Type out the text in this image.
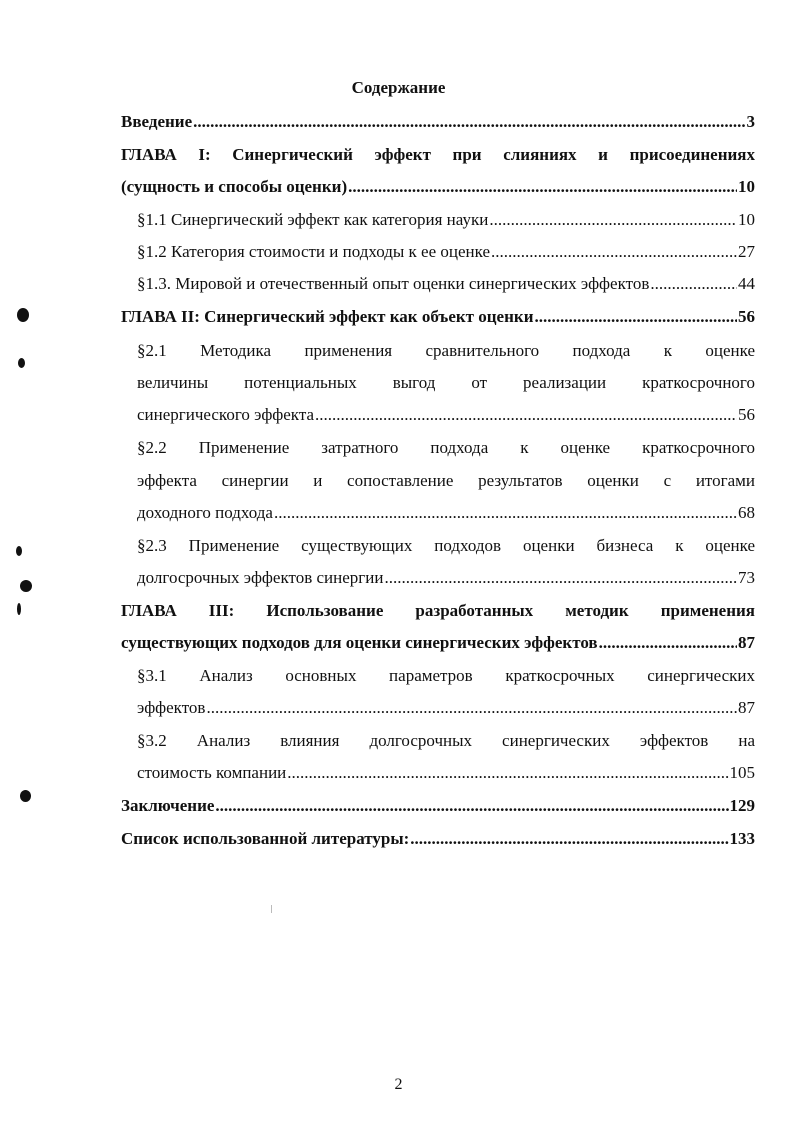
Содержание
Введение .....	3
ГЛАВА I: Синергический эффект при слияниях и присоединениях
(сущность и способы оценки) .....	10
§1.1 Синергический эффект как категория науки .....	10
§1.2 Категория стоимости и подходы к ее оценке .....	27
§1.3. Мировой и отечественный опыт оценки синергических эффектов .....	44
ГЛАВА II: Синергический эффект как объект оценки .....	56
§2.1 Методика применения сравнительного подхода к оценке
величины потенциальных выгод от реализации краткосрочного
синергического эффекта .....	56
§2.2 Применение затратного подхода к оценке краткосрочного
эффекта синергии и сопоставление результатов оценки с итогами
доходного подхода .....	68
§2.3 Применение существующих подходов оценки бизнеса к оценке
долгосрочных эффектов синергии .....	73
ГЛАВА III: Использование разработанных методик применения
существующих подходов для оценки синергических эффектов .....	87
§3.1 Анализ основных параметров краткосрочных синергических
эффектов .....	87
§3.2 Анализ влияния долгосрочных синергических эффектов на
стоимость компании .....	105
Заключение .....	129
Список использованной литературы: .....	133
2
